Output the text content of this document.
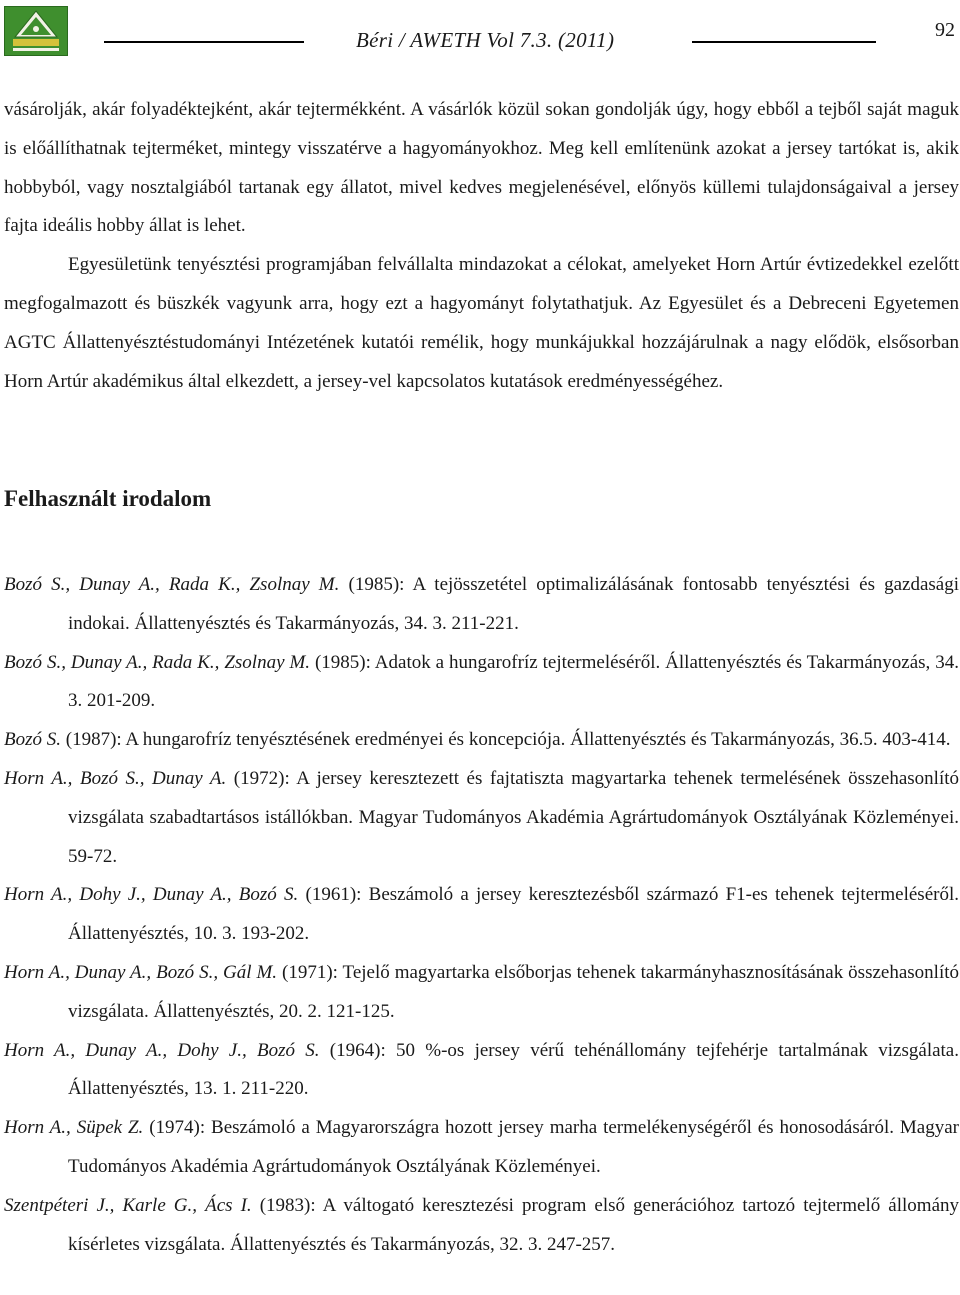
Béri / AWETH Vol 7.3. (2011)	92

vásárolják, akár folyadéktejként, akár tejtermékként. A vásárlók közül sokan gondolják úgy, hogy ebből a tejből saját maguk is előállíthatnak tejterméket, mintegy visszatérve a hagyományokhoz. Meg kell említenünk azokat a jersey tartókat is, akik hobbyból, vagy nosztalgiából tartanak egy állatot, mivel kedves megjelenésével, előnyös küllemi tulajdonságaival a jersey fajta ideális hobby állat is lehet.

Egyesületünk tenyésztési programjában felvállalta mindazokat a célokat, amelyeket Horn Artúr évtizedekkel ezelőtt megfogalmazott és büszkék vagyunk arra, hogy ezt a hagyományt folytathatjuk. Az Egyesület és a Debreceni Egyetemen AGTC Állattenyésztéstudományi Intézetének kutatói remélik, hogy munkájukkal hozzájárulnak a nagy elődök, elsősorban Horn Artúr akadémikus által elkezdett, a jersey-vel kapcsolatos kutatások eredményességéhez.

Felhasznált irodalom

Bozó S., Dunay A., Rada K., Zsolnay M. (1985): A tejösszetétel optimalizálásának fontosabb tenyésztési és gazdasági indokai. Állattenyésztés és Takarmányozás, 34. 3. 211-221.

Bozó S., Dunay A., Rada K., Zsolnay M. (1985): Adatok a hungarofríz tejtermeléséről. Állattenyésztés és Takarmányozás, 34. 3. 201-209.

Bozó S. (1987): A hungarofríz tenyésztésének eredményei és koncepciója. Állattenyésztés és Takarmányozás, 36.5. 403-414.

Horn A., Bozó S., Dunay A. (1972): A jersey keresztezett és fajtatiszta magyartarka tehenek termelésének összehasonlító vizsgálata szabadtartásos istállókban. Magyar Tudományos Akadémia Agrártudományok Osztályának Közleményei. 59-72.

Horn A., Dohy J., Dunay A., Bozó S. (1961): Beszámoló a jersey keresztezésből származó F1-es tehenek tejtermeléséről. Állattenyésztés, 10. 3. 193-202.

Horn A., Dunay A., Bozó S., Gál M. (1971): Tejelő magyartarka elsőborjas tehenek takarmányhasznosításának összehasonlító vizsgálata. Állattenyésztés, 20. 2. 121-125.

Horn A., Dunay A., Dohy J., Bozó S. (1964): 50 %-os jersey vérű tehénállomány tejfehérje tartalmának vizsgálata. Állattenyésztés, 13. 1. 211-220.

Horn A., Süpek Z. (1974): Beszámoló a Magyarországra hozott jersey marha termelékenységéről és honosodásáról. Magyar Tudományos Akadémia Agrártudományok Osztályának Közleményei.

Szentpéteri J., Karle G., Ács I. (1983): A váltogató keresztezési program első generációhoz tartozó tejtermelő állomány kísérletes vizsgálata. Állattenyésztés és Takarmányozás, 32. 3. 247-257.
